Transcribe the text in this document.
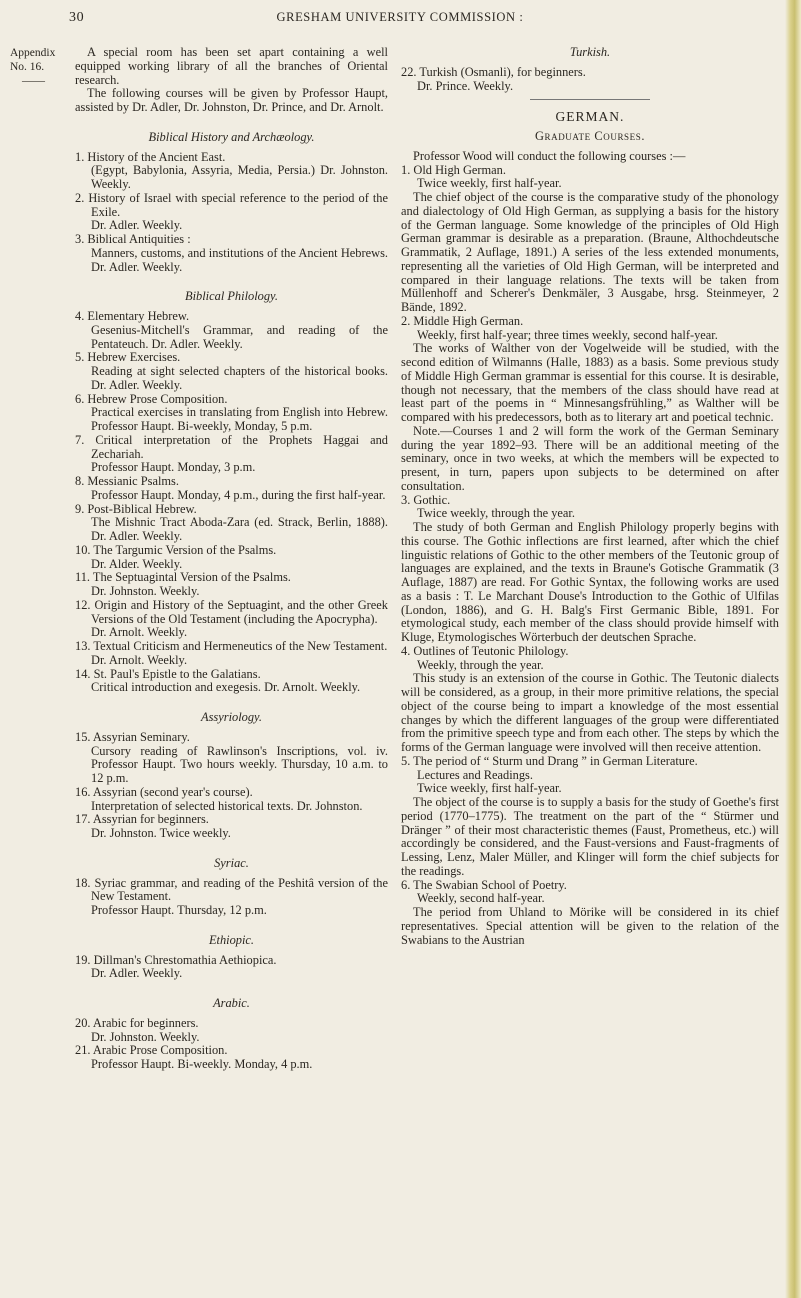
30	GRESHAM UNIVERSITY COMMISSION :
Appendix
No. 16.
——

A special room has been set apart containing a well equipped working library of all the branches of Oriental research.

The following courses will be given by Professor Haupt, assisted by Dr. Adler, Dr. Johnston, Dr. Prince, and Dr. Arnolt.

Biblical History and Archæology.

1. History of the Ancient East.

(Egypt, Babylonia, Assyria, Media, Persia.) Dr. Johnston. Weekly.

2. History of Israel with special reference to the period of the Exile.

Dr. Adler. Weekly.

3. Biblical Antiquities :

Manners, customs, and institutions of the Ancient Hebrews. Dr. Adler. Weekly.

Biblical Philology.

4. Elementary Hebrew.

Gesenius-Mitchell's Grammar, and reading of the Pentateuch. Dr. Adler. Weekly.

5. Hebrew Exercises.

Reading at sight selected chapters of the historical books. Dr. Adler. Weekly.

6. Hebrew Prose Composition.

Practical exercises in translating from English into Hebrew. Professor Haupt. Bi-weekly, Monday, 5 p.m.

7. Critical interpretation of the Prophets Haggai and Zechariah.

Professor Haupt. Monday, 3 p.m.

8. Messianic Psalms.

Professor Haupt. Monday, 4 p.m., during the first half-year.

9. Post-Biblical Hebrew.

The Mishnic Tract Aboda-Zara (ed. Strack, Berlin, 1888). Dr. Adler. Weekly.

10. The Targumic Version of the Psalms.

Dr. Alder. Weekly.

11. The Septuagintal Version of the Psalms.

Dr. Johnston. Weekly.

12. Origin and History of the Septuagint, and the other Greek Versions of the Old Testament (including the Apocrypha).

Dr. Arnolt. Weekly.

13. Textual Criticism and Hermeneutics of the New Testament.

Dr. Arnolt. Weekly.

14. St. Paul's Epistle to the Galatians.

Critical introduction and exegesis. Dr. Arnolt. Weekly.

Assyriology.

15. Assyrian Seminary.

Cursory reading of Rawlinson's Inscriptions, vol. iv. Professor Haupt. Two hours weekly. Thursday, 10 a.m. to 12 p.m.

16. Assyrian (second year's course).

Interpretation of selected historical texts. Dr. Johnston.

17. Assyrian for beginners.

Dr. Johnston. Twice weekly.

Syriac.

18. Syriac grammar, and reading of the Peshitâ version of the New Testament.

Professor Haupt. Thursday, 12 p.m.

Ethiopic.

19. Dillman's Chrestomathia Aethiopica.

Dr. Adler. Weekly.

Arabic.

20. Arabic for beginners.

Dr. Johnston. Weekly.

21. Arabic Prose Composition.

Professor Haupt. Bi-weekly. Monday, 4 p.m.

Turkish.

22. Turkish (Osmanli), for beginners.

Dr. Prince. Weekly.

GERMAN.

Graduate Courses.

Professor Wood will conduct the following courses :—

1. Old High German.

Twice weekly, first half-year.

The chief object of the course is the comparative study of the phonology and dialectology of Old High German, as supplying a basis for the history of the German language. Some knowledge of the principles of Old High German grammar is desirable as a preparation. (Braune, Althochdeutsche Grammatik, 2 Auflage, 1891.) A series of the less extended monuments, representing all the varieties of Old High German, will be interpreted and compared in their language relations. The texts will be taken from Müllenhoff and Scherer's Denkmäler, 3 Ausgabe, hrsg. Steinmeyer, 2 Bände, 1892.

2. Middle High German.

Weekly, first half-year; three times weekly, second half-year.

The works of Walther von der Vogelweide will be studied, with the second edition of Wilmanns (Halle, 1883) as a basis. Some previous study of Middle High German grammar is essential for this course. It is desirable, though not necessary, that the members of the class should have read at least part of the poems in “ Minnesangsfrühling,” as Walther will be compared with his predecessors, both as to literary art and poetical technic.

Note.—Courses 1 and 2 will form the work of the German Seminary during the year 1892–93. There will be an additional meeting of the seminary, once in two weeks, at which the members will be expected to present, in turn, papers upon subjects to be determined on after consultation.

3. Gothic.

Twice weekly, through the year.

The study of both German and English Philology properly begins with this course. The Gothic inflections are first learned, after which the chief linguistic relations of Gothic to the other members of the Teutonic group of languages are explained, and the texts in Braune's Gotische Grammatik (3 Auflage, 1887) are read. For Gothic Syntax, the following works are used as a basis : T. Le Marchant Douse's Introduction to the Gothic of Ulfilas (London, 1886), and G. H. Balg's First Germanic Bible, 1891. For etymological study, each member of the class should provide himself with Kluge, Etymologisches Wörterbuch der deutschen Sprache.

4. Outlines of Teutonic Philology.

Weekly, through the year.

This study is an extension of the course in Gothic. The Teutonic dialects will be considered, as a group, in their more primitive relations, the special object of the course being to impart a knowledge of the most essential changes by which the different languages of the group were differentiated from the primitive speech type and from each other. The steps by which the forms of the German language were involved will then receive attention.

5. The period of “ Sturm und Drang ” in German Literature.

Lectures and Readings.

Twice weekly, first half-year.

The object of the course is to supply a basis for the study of Goethe's first period (1770–1775). The treatment on the part of the “ Stürmer und Dränger ” of their most characteristic themes (Faust, Prometheus, etc.) will accordingly be considered, and the Faust-versions and Faust-fragments of Lessing, Lenz, Maler Müller, and Klinger will form the chief subjects for the readings.

6. The Swabian School of Poetry.

Weekly, second half-year.

The period from Uhland to Mörike will be considered in its chief representatives. Special attention will be given to the relation of the Swabians to the Austrian
